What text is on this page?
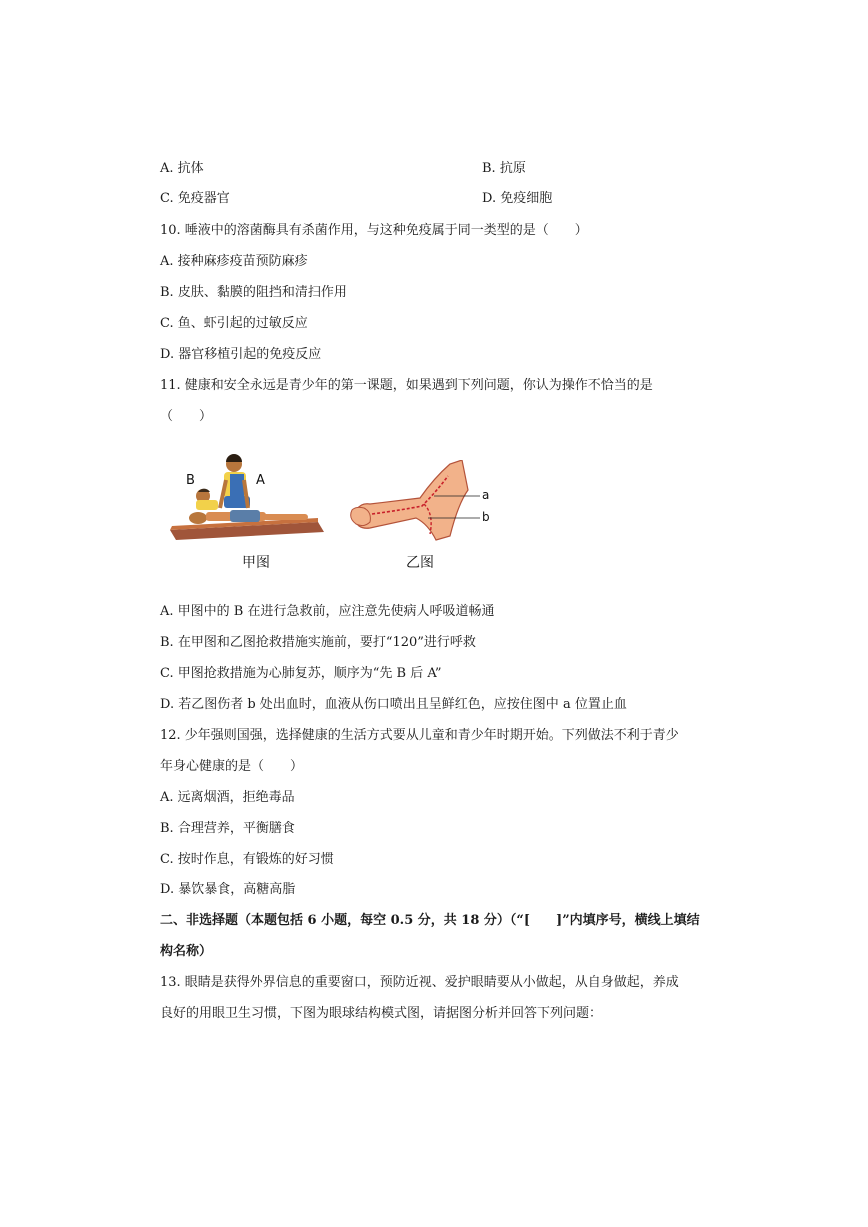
A. 抗体	B. 抗原
C. 免疫器官	D. 免疫细胞
10. 唾液中的溶菌酶具有杀菌作用，与这种免疫属于同一类型的是（　　）
A. 接种麻疹疫苗预防麻疹
B. 皮肤、黏膜的阻挡和清扫作用
C. 鱼、虾引起的过敏反应
D. 器官移植引起的免疫反应
11. 健康和安全永远是青少年的第一课题，如果遇到下列问题，你认为操作不恰当的是
（　　）
B	A
甲图
a
b
乙图
A. 甲图中的 B 在进行急救前，应注意先使病人呼吸道畅通
B. 在甲图和乙图抢救措施实施前，要打“120”进行呼救
C. 甲图抢救措施为心肺复苏，顺序为“先 B 后 A”
D. 若乙图伤者 b 处出血时，血液从伤口喷出且呈鲜红色，应按住图中 a 位置止血
12. 少年强则国强，选择健康的生活方式要从儿童和青少年时期开始。下列做法不利于青少
年身心健康的是（　　）
A. 远离烟酒，拒绝毒品
B. 合理营养，平衡膳食
C. 按时作息，有锻炼的好习惯
D. 暴饮暴食，高糖高脂
二、非选择题（本题包括 6 小题，每空 0.5 分，共 18 分）（“[　　]”内填序号，横线上填结
构名称）
13. 眼睛是获得外界信息的重要窗口，预防近视、爱护眼睛要从小做起，从自身做起，养成
良好的用眼卫生习惯，下图为眼球结构模式图，请据图分析并回答下列问题：
